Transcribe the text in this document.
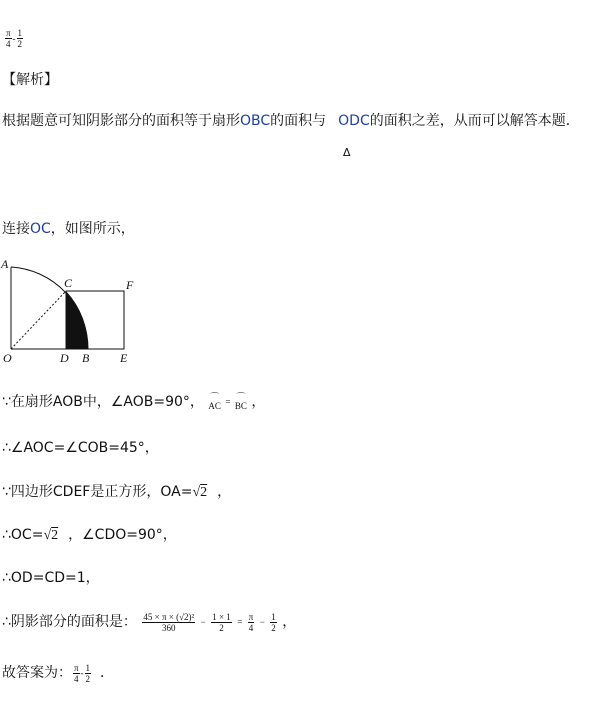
$\frac{\pi}{4} - \frac{1}{2}$
【解析】
根据题意可知阴影部分的面积等于扇形OBC的面积与 ODC的面积之差，从而可以解答本题．
Δ
连接OC，如图所示，
A
C	F
O	D B	E
∵在扇形AOB中，∠AOB=90°， ⌒
AC = ⌒
BC ，
∴∠AOC=∠COB=45°，
∵四边形CDEF是正方形，OA=√2 ，
∴OC=√2 ，∠CDO=90°，
∴OD=CD=1，
∴阴影部分的面积是： $\frac{\text{45 × π × (√2)²}}{360} - \frac{1 \times 1}{2} = \frac{\pi}{4} - \frac{1}{2}$ ，
故答案为： $\frac{\pi}{4} - \frac{1}{2}$ ．
